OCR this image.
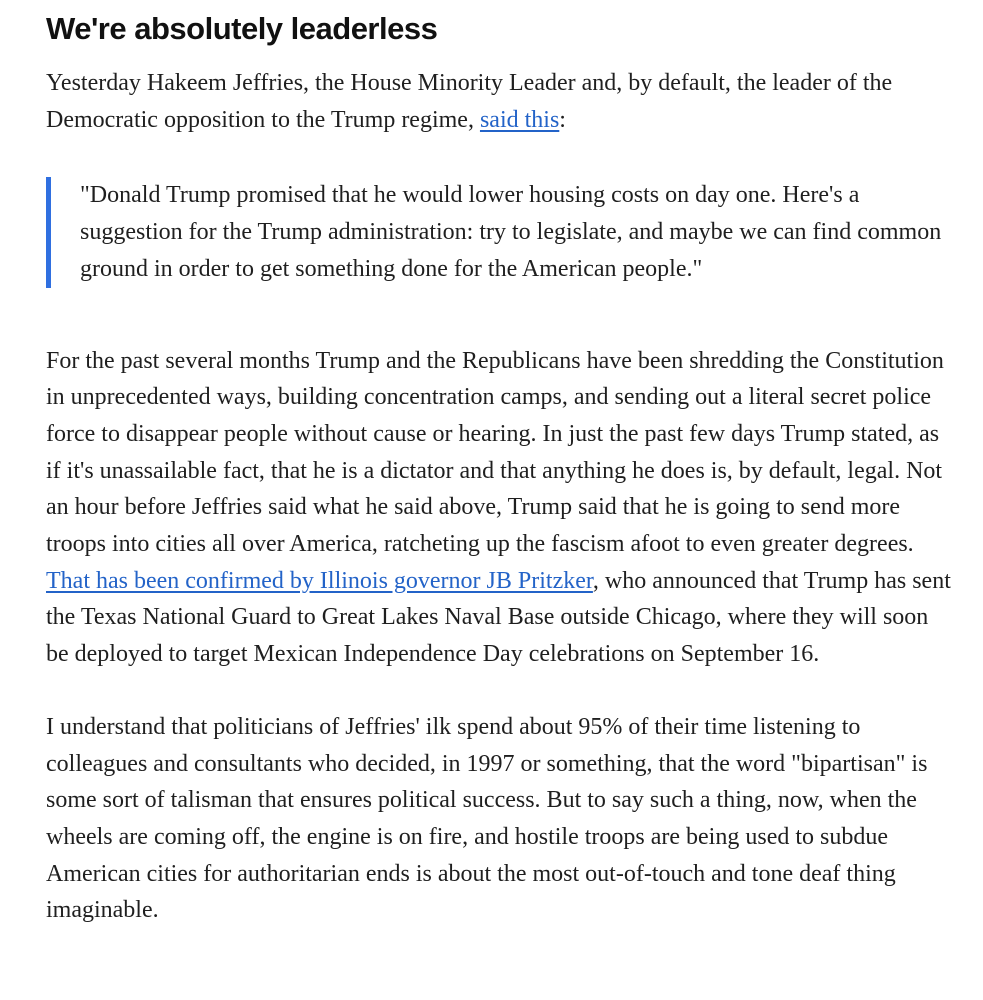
We're absolutely leaderless

Yesterday Hakeem Jeffries, the House Minority Leader and, by default, the leader of the Democratic opposition to the Trump regime, said this:

"Donald Trump promised that he would lower housing costs on day one. Here's a suggestion for the Trump administration: try to legislate, and maybe we can find common ground in order to get something done for the American people."

For the past several months Trump and the Republicans have been shredding the Constitution in unprecedented ways, building concentration camps, and sending out a literal secret police force to disappear people without cause or hearing. In just the past few days Trump stated, as if it's unassailable fact, that he is a dictator and that anything he does is, by default, legal. Not an hour before Jeffries said what he said above, Trump said that he is going to send more troops into cities all over America, ratcheting up the fascism afoot to even greater degrees. That has been confirmed by Illinois governor JB Pritzker, who announced that Trump has sent the Texas National Guard to Great Lakes Naval Base outside Chicago, where they will soon be deployed to target Mexican Independence Day celebrations on September 16.

I understand that politicians of Jeffries' ilk spend about 95% of their time listening to colleagues and consultants who decided, in 1997 or something, that the word "bipartisan" is some sort of talisman that ensures political success. But to say such a thing, now, when the wheels are coming off, the engine is on fire, and hostile troops are being used to subdue American cities for authoritarian ends is about the most out-of-touch and tone deaf thing imaginable.
